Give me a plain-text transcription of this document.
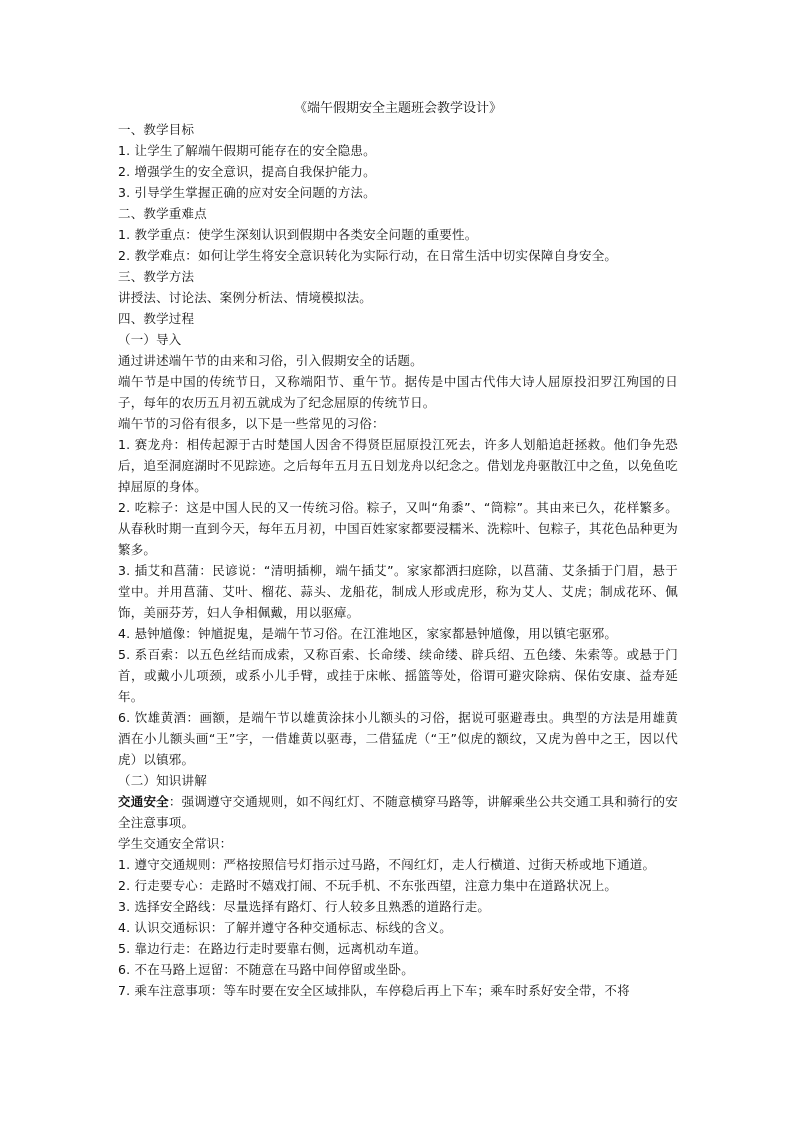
《端午假期安全主题班会教学设计》

一、教学目标

1. 让学生了解端午假期可能存在的安全隐患。

2. 增强学生的安全意识，提高自我保护能力。

3. 引导学生掌握正确的应对安全问题的方法。

二、教学重难点

1. 教学重点：使学生深刻认识到假期中各类安全问题的重要性。

2. 教学难点：如何让学生将安全意识转化为实际行动，在日常生活中切实保障自身安全。

三、教学方法

讲授法、讨论法、案例分析法、情境模拟法。

四、教学过程

（一）导入

通过讲述端午节的由来和习俗，引入假期安全的话题。

端午节是中国的传统节日，又称端阳节、重午节。据传是中国古代伟大诗人屈原投汨罗江殉国的日子，每年的农历五月初五就成为了纪念屈原的传统节日。

端午节的习俗有很多，以下是一些常见的习俗：

1. 赛龙舟：相传起源于古时楚国人因舍不得贤臣屈原投江死去，许多人划船追赶拯救。他们争先恐后，追至洞庭湖时不见踪迹。之后每年五月五日划龙舟以纪念之。借划龙舟驱散江中之鱼，以免鱼吃掉屈原的身体。

2. 吃粽子：这是中国人民的又一传统习俗。粽子，又叫“角黍”、“筒粽”。其由来已久，花样繁多。从春秋时期一直到今天，每年五月初，中国百姓家家都要浸糯米、洗粽叶、包粽子，其花色品种更为繁多。

3. 插艾和菖蒲：民谚说：“清明插柳，端午插艾”。家家都洒扫庭除，以菖蒲、艾条插于门眉，悬于堂中。并用菖蒲、艾叶、榴花、蒜头、龙船花，制成人形或虎形，称为艾人、艾虎；制成花环、佩饰，美丽芬芳，妇人争相佩戴，用以驱瘴。

4. 悬钟馗像：钟馗捉鬼，是端午节习俗。在江淮地区，家家都悬钟馗像，用以镇宅驱邪。

5. 系百索：以五色丝结而成索，又称百索、长命缕、续命缕、辟兵绍、五色缕、朱索等。或悬于门首，或戴小儿项颈，或系小儿手臂，或挂于床帐、摇篮等处，俗谓可避灾除病、保佑安康、益寿延年。

6. 饮雄黄酒：画额，是端午节以雄黄涂抹小儿额头的习俗，据说可驱避毒虫。典型的方法是用雄黄酒在小儿额头画“王”字，一借雄黄以驱毒，二借猛虎（“王”似虎的额纹，又虎为兽中之王，因以代虎）以镇邪。

（二）知识讲解

交通安全：强调遵守交通规则，如不闯红灯、不随意横穿马路等，讲解乘坐公共交通工具和骑行的安全注意事项。

学生交通安全常识：

1. 遵守交通规则：严格按照信号灯指示过马路，不闯红灯，走人行横道、过街天桥或地下通道。

2. 行走要专心：走路时不嬉戏打闹、不玩手机、不东张西望，注意力集中在道路状况上。

3. 选择安全路线：尽量选择有路灯、行人较多且熟悉的道路行走。

4. 认识交通标识：了解并遵守各种交通标志、标线的含义。

5. 靠边行走：在路边行走时要靠右侧，远离机动车道。

6. 不在马路上逗留：不随意在马路中间停留或坐卧。

7. 乘车注意事项：等车时要在安全区域排队，车停稳后再上下车；乘车时系好安全带，不将
